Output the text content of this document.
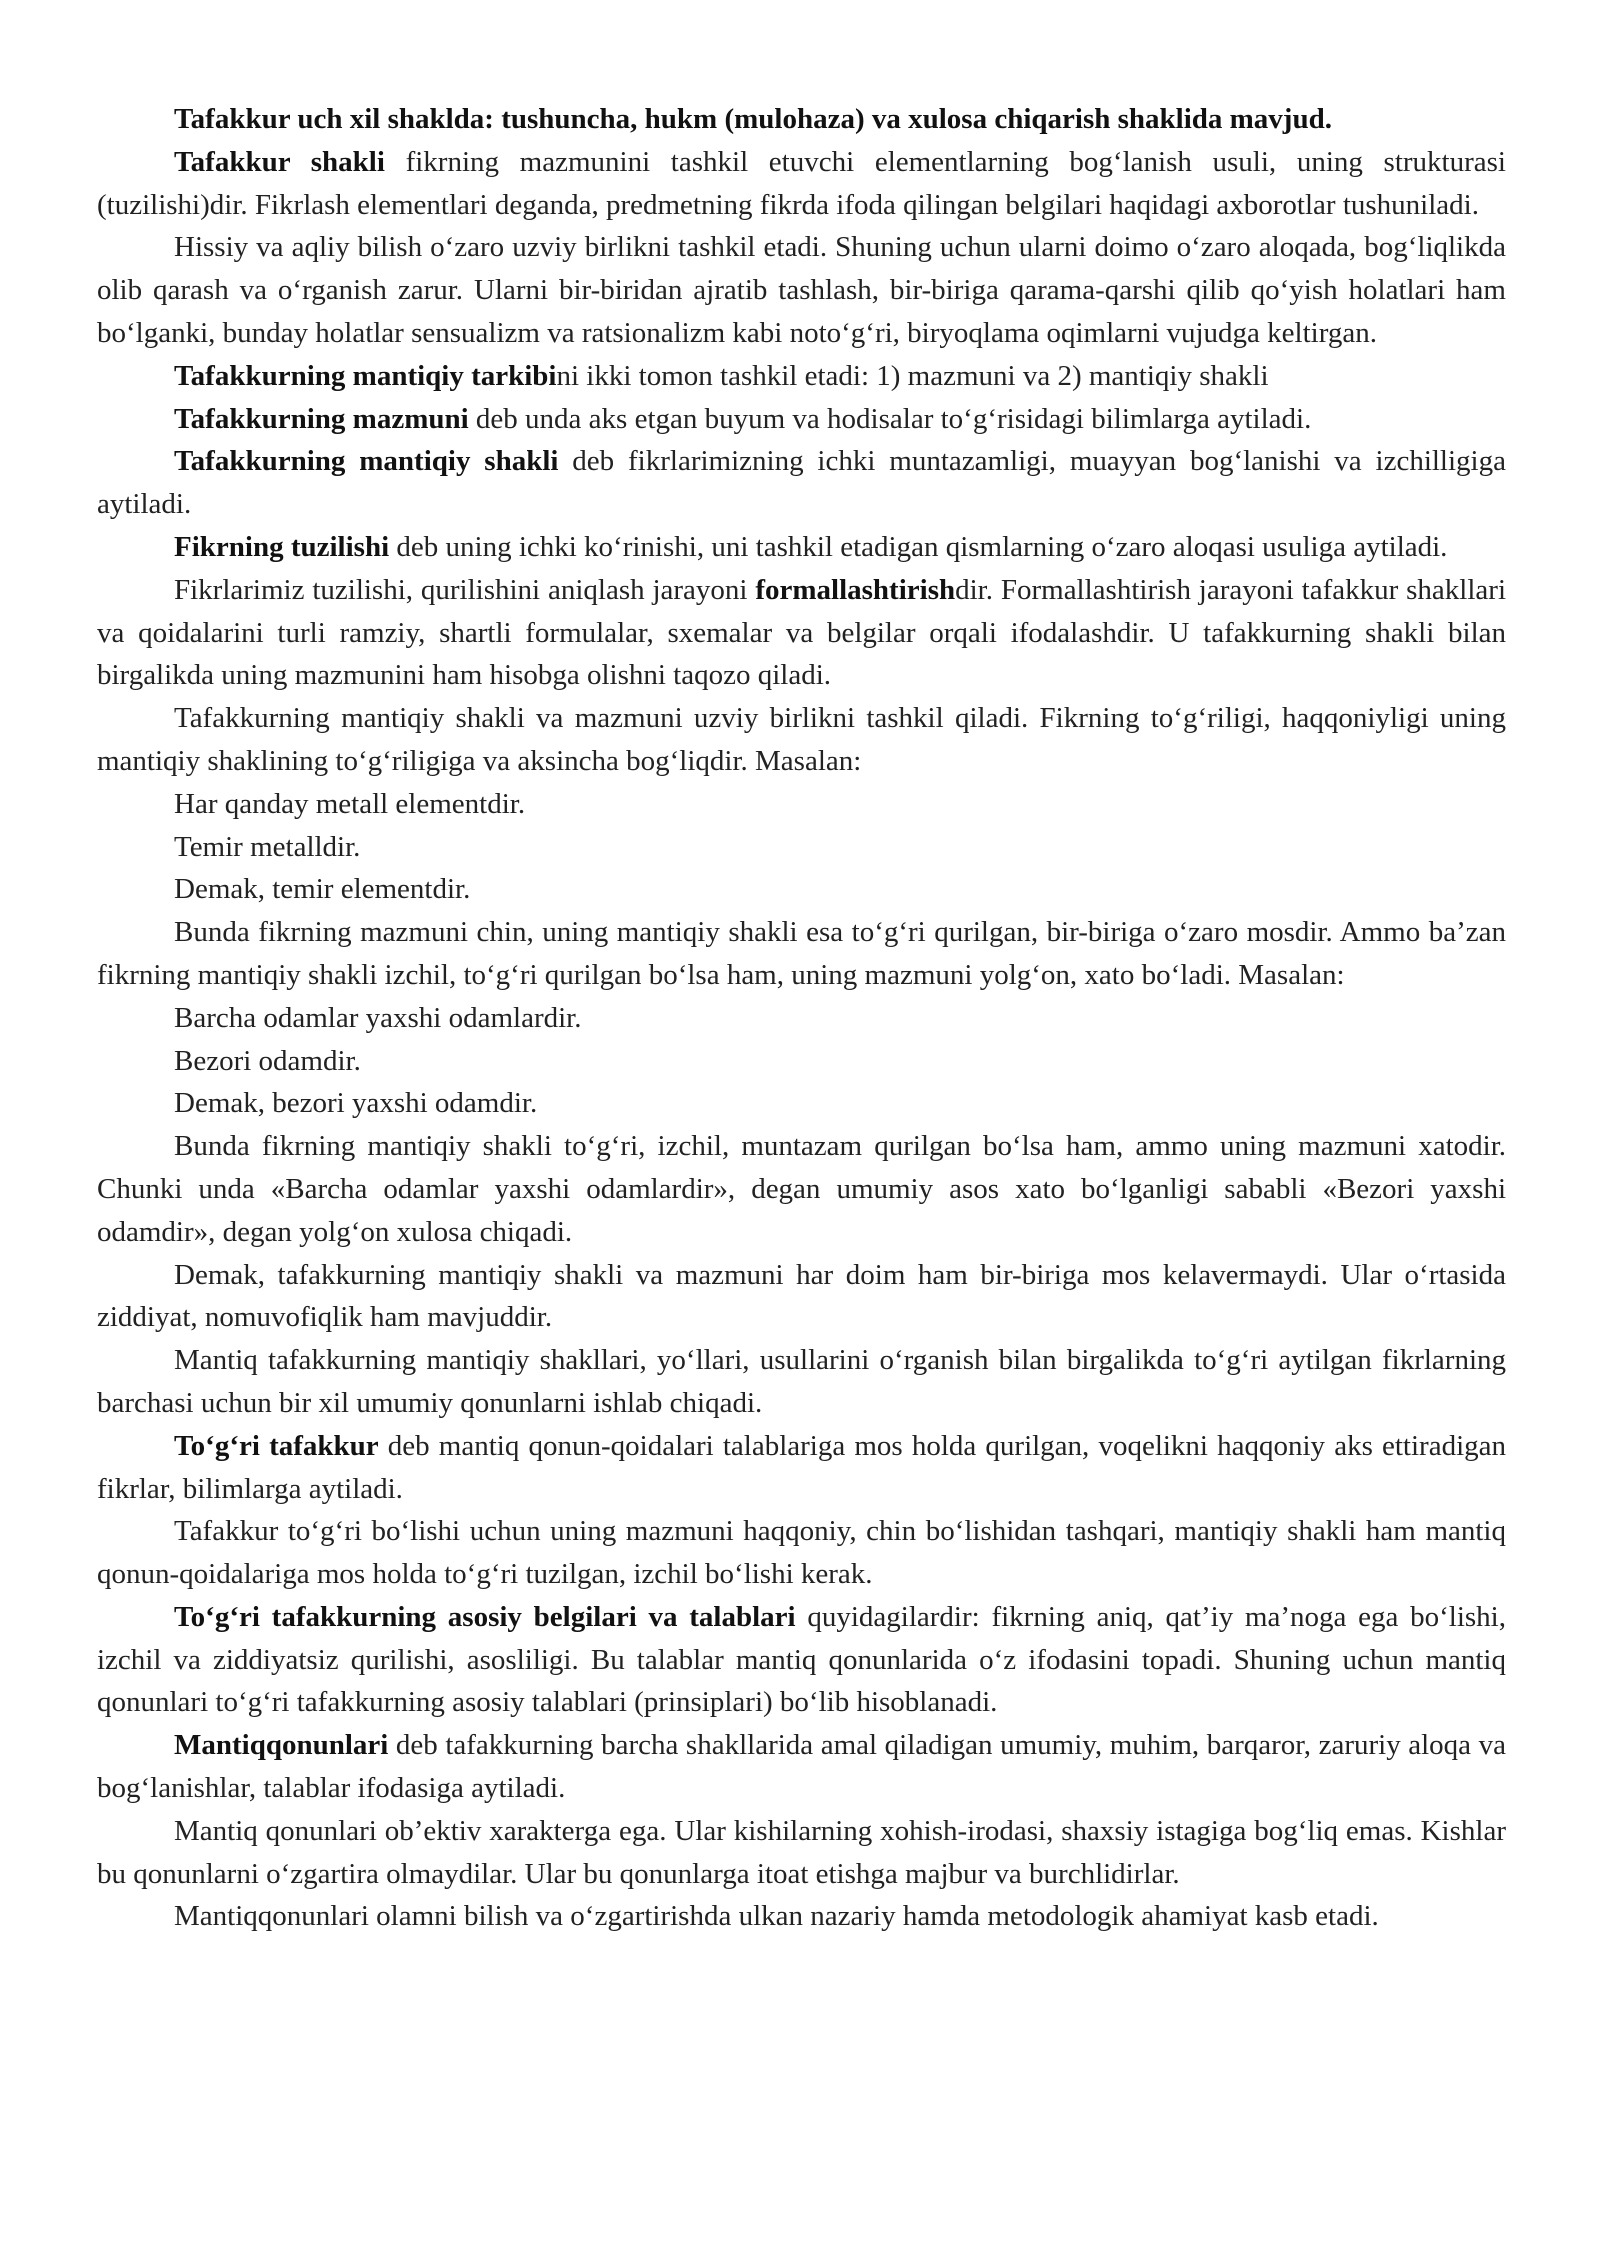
Tafakkur uch xil shaklda: tushuncha, hukm (mulohaza) va xulosa chiqarish shaklida mavjud.

Tafakkur shakli fikrning mazmunini tashkil etuvchi elementlarning bog‘lanish usuli, uning strukturasi (tuzilishi)dir. Fikrlash elementlari deganda, predmetning fikrda ifoda qilingan belgilari haqidagi axborotlar tushuniladi.

Hissiy va aqliy bilish o‘zaro uzviy birlikni tashkil etadi. Shuning uchun ularni doimo o‘zaro aloqada, bog‘liqlikda olib qarash va o‘rganish zarur. Ularni bir-biridan ajratib tashlash, bir-biriga qarama-qarshi qilib qo‘yish holatlari ham bo‘lganki, bunday holatlar sensualizm va ratsionalizm kabi noto‘g‘ri, biryoqlama oqimlarni vujudga keltirgan.

Tafakkurning mantiqiy tarkibini ikki tomon tashkil etadi: 1) mazmuni va 2) mantiqiy shakli

Tafakkurning mazmuni deb unda aks etgan buyum va hodisalar to‘g‘risidagi bilimlarga aytiladi.

Tafakkurning mantiqiy shakli deb fikrlarimizning ichki muntazamligi, muayyan bog‘lanishi va izchilligiga aytiladi.

Fikrning tuzilishi deb uning ichki ko‘rinishi, uni tashkil etadigan qismlarning o‘zaro aloqasi usuliga aytiladi.

Fikrlarimiz tuzilishi, qurilishini aniqlash jarayoni formallashtirishdir. Formallashtirish jarayoni tafakkur shakllari va qoidalarini turli ramziy, shartli formulalar, sxemalar va belgilar orqali ifodalashdir. U tafakkurning shakli bilan birgalikda uning mazmunini ham hisobga olishni taqozo qiladi.

Tafakkurning mantiqiy shakli va mazmuni uzviy birlikni tashkil qiladi. Fikrning to‘g‘riligi, haqqoniyligi uning mantiqiy shaklining to‘g‘riligiga va aksincha bog‘liqdir. Masalan:

Har qanday metall elementdir.

Temir metalldir.

Demak, temir elementdir.

Bunda fikrning mazmuni chin, uning mantiqiy shakli esa to‘g‘ri qurilgan, bir-biriga o‘zaro mosdir. Ammo ba’zan fikrning mantiqiy shakli izchil, to‘g‘ri qurilgan bo‘lsa ham, uning mazmuni yolg‘on, xato bo‘ladi. Masalan:

Barcha odamlar yaxshi odamlardir.

Bezori odamdir.

Demak, bezori yaxshi odamdir.

Bunda fikrning mantiqiy shakli to‘g‘ri, izchil, muntazam qurilgan bo‘lsa ham, ammo uning mazmuni xatodir. Chunki unda «Barcha odamlar yaxshi odamlardir», degan umumiy asos xato bo‘lganligi sababli «Bezori yaxshi odamdir», degan yolg‘on xulosa chiqadi.

Demak, tafakkurning mantiqiy shakli va mazmuni har doim ham bir-biriga mos kelavermaydi. Ular o‘rtasida ziddiyat, nomuvofiqlik ham mavjuddir.

Mantiq tafakkurning mantiqiy shakllari, yo‘llari, usullarini o‘rganish bilan birgalikda to‘g‘ri aytilgan fikrlarning barchasi uchun bir xil umumiy qonunlarni ishlab chiqadi.

To‘g‘ri tafakkur deb mantiq qonun-qoidalari talablariga mos holda qurilgan, voqelikni haqqoniy aks ettiradigan fikrlar, bilimlarga aytiladi.

Tafakkur to‘g‘ri bo‘lishi uchun uning mazmuni haqqoniy, chin bo‘lishidan tashqari, mantiqiy shakli ham mantiq qonun-qoidalariga mos holda to‘g‘ri tuzilgan, izchil bo‘lishi kerak.

To‘g‘ri tafakkurning asosiy belgilari va talablari quyidagilardir: fikrning aniq, qat’iy ma’noga ega bo‘lishi, izchil va ziddiyatsiz qurilishi, asosliligi. Bu talablar mantiq qonunlarida o‘z ifodasini topadi. Shuning uchun mantiq qonunlari to‘g‘ri tafakkurning asosiy talablari (prinsiplari) bo‘lib hisoblanadi.

Mantiqqonunlari deb tafakkurning barcha shakllarida amal qiladigan umumiy, muhim, barqaror, zaruriy aloqa va bog‘lanishlar, talablar ifodasiga aytiladi.

Mantiq qonunlari ob’ektiv xarakterga ega. Ular kishilarning xohish-irodasi, shaxsiy istagiga bog‘liq emas. Kishlar bu qonunlarni o‘zgartira olmaydilar. Ular bu qonunlarga itoat etishga majbur va burchlidirlar.

Mantiqqonunlari olamni bilish va o‘zgartirishda ulkan nazariy hamda metodologik ahamiyat kasb etadi.
